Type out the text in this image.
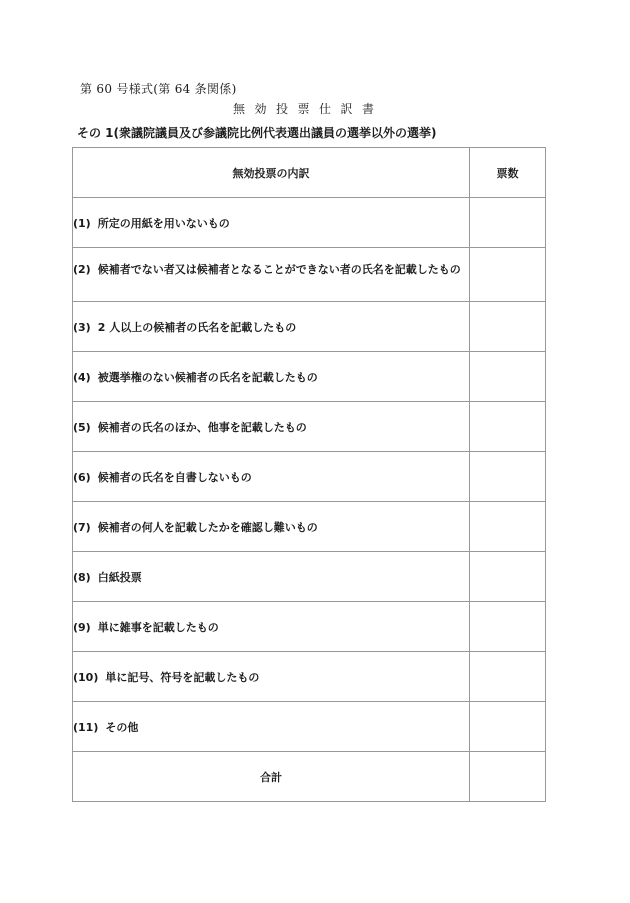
第 60 号様式(第 64 条関係)

無効投票仕訳書

その 1(衆議院議員及び参議院比例代表選出議員の選挙以外の選挙)

無効投票の内訳	票数
(1) 所定の用紙を用いないもの	

(2) 候補者でない者又は候補者となることができない者の氏名を記載したもの	

(3) 2 人以上の候補者の氏名を記載したもの	
(4) 被選挙権のない候補者の氏名を記載したもの	
(5) 候補者の氏名のほか、他事を記載したもの	
(6) 候補者の氏名を自書しないもの	
(7) 候補者の何人を記載したかを確認し難いもの	
(8) 白紙投票	
(9) 単に雑事を記載したもの	
(10) 単に記号、符号を記載したもの	
(11) その他	
合計	
